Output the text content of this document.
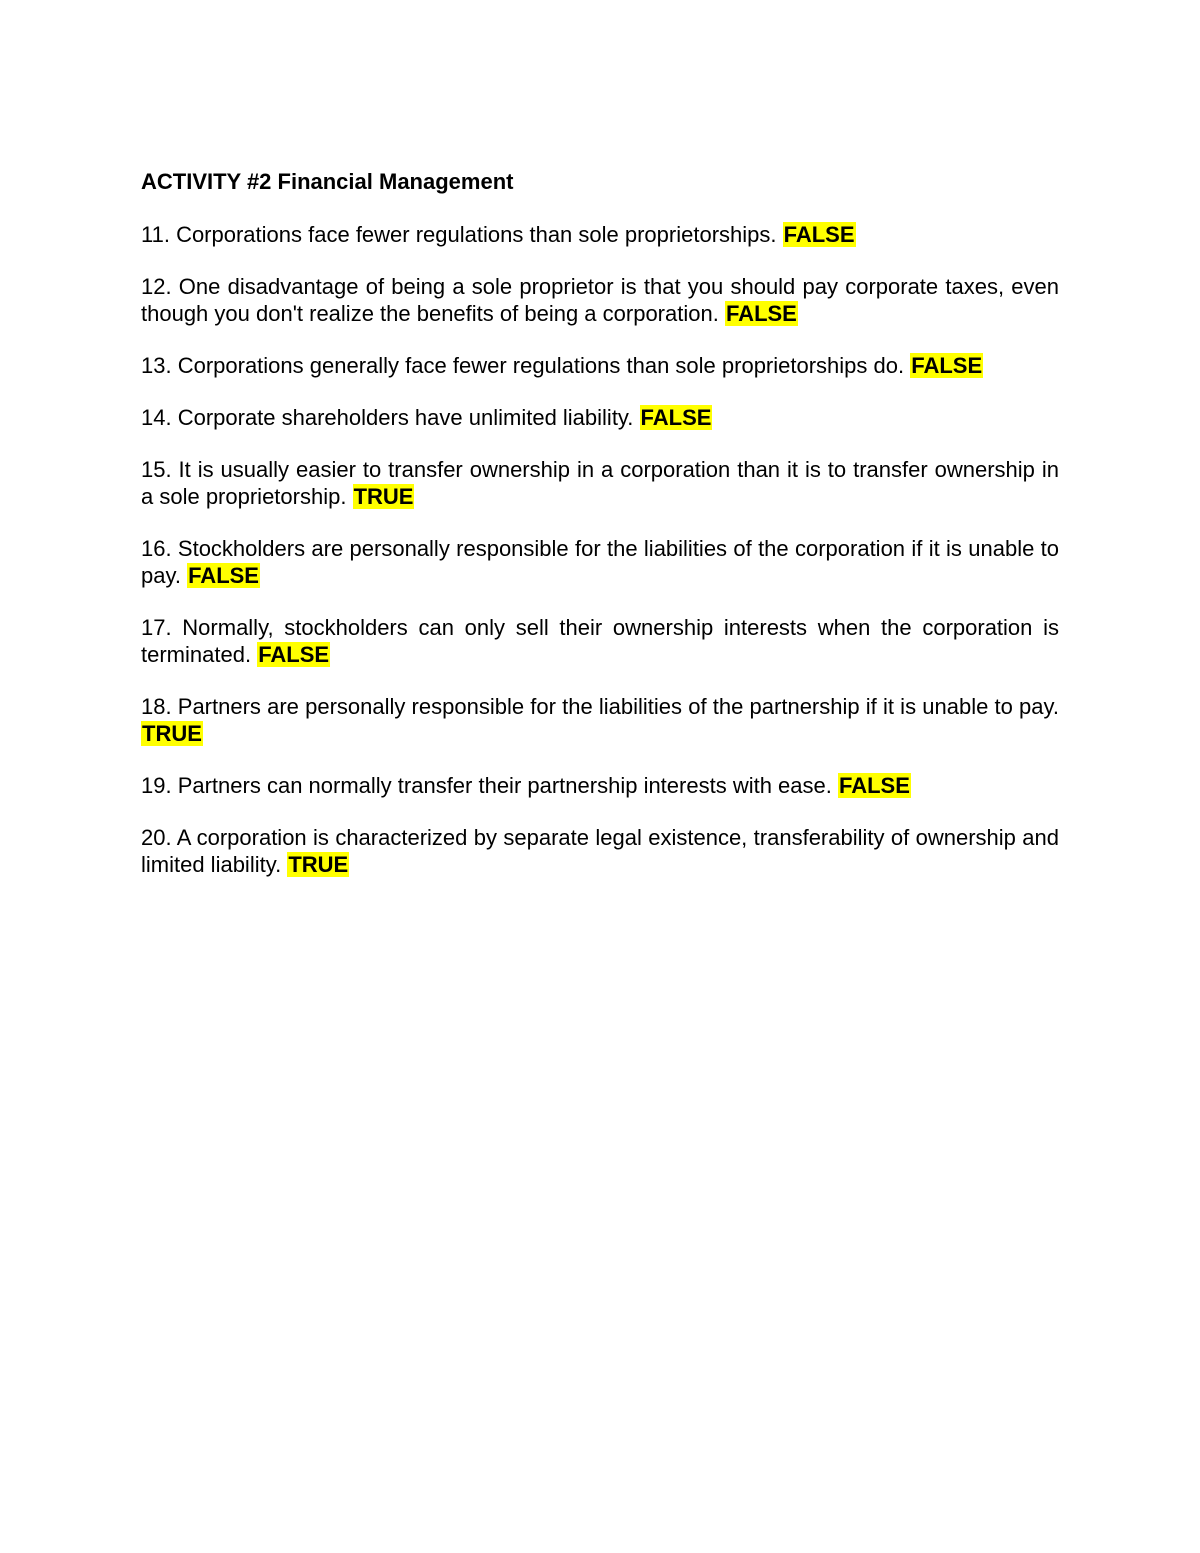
ACTIVITY #2 Financial Management

11. Corporations face fewer regulations than sole proprietorships. FALSE

12. One disadvantage of being a sole proprietor is that you should pay corporate taxes, even though you don't realize the benefits of being a corporation. FALSE

13. Corporations generally face fewer regulations than sole proprietorships do. FALSE

14. Corporate shareholders have unlimited liability. FALSE

15. It is usually easier to transfer ownership in a corporation than it is to transfer ownership in a sole proprietorship. TRUE

16. Stockholders are personally responsible for the liabilities of the corporation if it is unable to pay. FALSE

17. Normally, stockholders can only sell their ownership interests when the corporation is terminated. FALSE

18. Partners are personally responsible for the liabilities of the partnership if it is unable to pay. TRUE

19. Partners can normally transfer their partnership interests with ease. FALSE

20. A corporation is characterized by separate legal existence, transferability of ownership and limited liability. TRUE
